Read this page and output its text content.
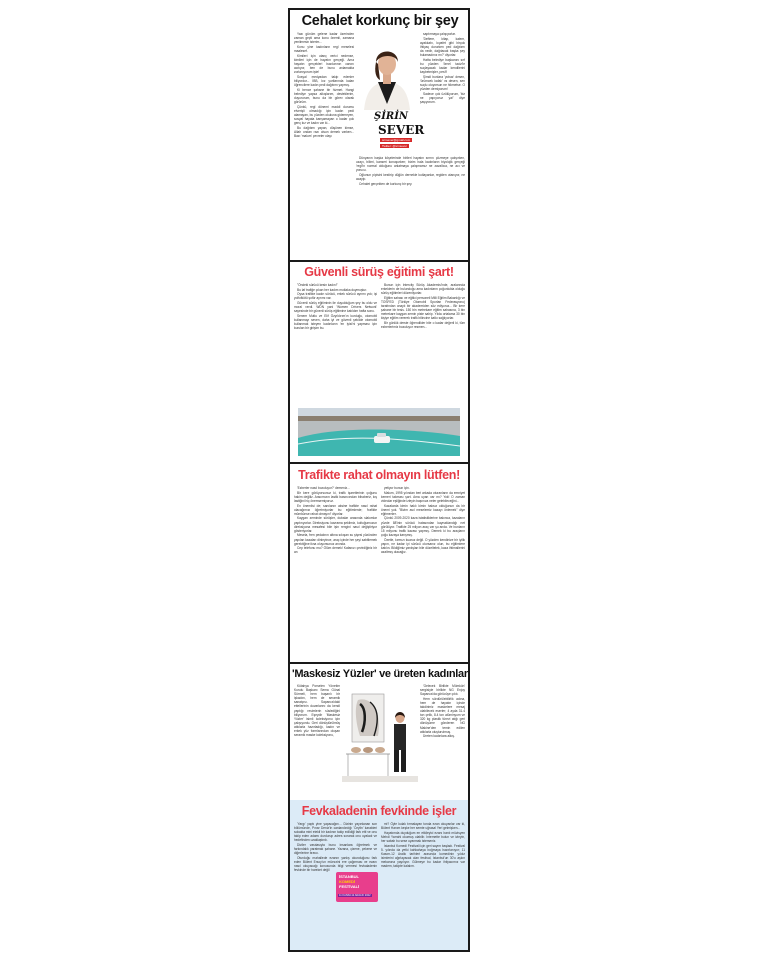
Cehalet korkunç bir şey

Yazı günüm gelene kadar üzerinden zaman geçti ama konu önemli, zamana yenilmesin isterim...

Konu yine kadınların regl meselesi maalesef.

Kimileri için utanç verici nedense, kimileri için de hayatın gerçeği. Ama hayatın gerçekleri bazılarının canını acıtıyor, ben de bunu anlamakta zorlanıyorum işte!

Sosyal medyadan takip edenler biliyordur... İBB, kız yurtlarında kalan öğrencilere kadın pedi dağıtımı yapmış.

Ki bence şahane bir hizmet. Hangi belediye yapsa alkışlarım, desteklerim, duyururum, bunu da bir görev olarak görürüm.

Çünkü, regl dönemi maddi durumu elverişli olmadığı için kadın pedi alamayan, bu yüzden okuluna gidemeyen, sosyal hayata karışamayan o kadar çok genç kız ve kadın var ki...

Bu dağıtımı yapan, düşünen kimse, Allah ondan razı olsun demek varken... Bazı 'malum' çevreler olayı

ŞİRİN
SEVER
srnsever@gmail.com
Twitter: @srnsever

saptırmaya çalışıyorlar.

'Deftere, kitap, kalem, ayakkabı, kıyafet gibi birçok ihtiyaç dururken ped dağıtımı da nedir, dağıtacak başka şey bulamadınız mı?' diyorlar.

Hatta belediye başkanını sırf bu yüzden 'örnel taciz'le suçlayacak kadar kendilerini kaybetmişler, pes!!!

Şimdi bunlara 'yobaz' desen, 'ürümcek kafalı' vs desen, sen suçlu oluyorsun ne hikmetse. O yüzden demiyorum!

Sadece çok üzülüyorum, 'biz ne yapıyoruz ya!' diye şaşıyorum.

Dünyanın başka köşelerinde birileri hayatın sırrını çözmeye çalışırken, uzayı, bilimi, kanseri konuşurken; bizim hala kadınların biyolojik gerçeği 'regl'in normal olduğunu anlatmaya çalışmamız ne zavallıca, ne acı ve yorucu.

Oğlunun pipisini kestirip düğün dernekle kutlayanlar, reglden utanıyor, ne acayip.

Cehalet gerçekten de korkunç bir şey.

Güvenli sürüş eğitimi şart!

"Öndeki sürücü kesin kadın!"

Bu laf trafiğe çıkan her kadım mutlaka duymuştur.

Oysa trafikte kadın sürücü, erkek sürücü ayrımı yok; işi yolfofkötü şoför ayrımı var.

Güvenli sürüş eğitiminin ile duyulduğum şey bu oldu ve moral verdi. WDN yani 'Women Drivers Network' sayesinde bir güvenli sürüş eğitimine katıldım hafta sonu.

Senem Mutlu ve Elif Özyıldırım'ın kurduğu, otomobil kullanmayı seven, daha iyi ve güvenli şekilde otomobil kullanmak isteyen kadınların 'en iyisi'ni yapması için kurulan bir girişim bu.

Bunun için Intercity Sürüş Akademisi'nde, aralarında erkeklerin de bulunduğu ama kadınların çoğunlukta olduğu sürüş eğitimleri düzenliyorlar.

Eğitim sahası ve eğitici personeli Milli Eğitim Bakanlığı ve TOSFED (Türkiye Otomobil Sporları Federasyonu) tarafından onaylı bir akademiden söz ediyoruz... Bir kere şahane bir tesis. 150 bin metrekare eğitim sahasına, 3 bin metrekare kaygan zemin piste sahip. Yılda ortalama 30 bin kişiye eğitim vererek trafik bilincine katkı sağlıyorlar.

Bir günlük derste öğrendikler bile o kadar değerli ki, tüm ezberlerimiz bozuluyor resmen...

Trafikte rahat olmayın lütfen!

'Ezberler nasıl bozuluyor?' demeniz...

Bir kere görüyorsunuz ki, trafik işaretlerinin çoğunu hakim değiliz. Aracımızın lastik basıncından bihaberiz, kış lastiğini hiç önemsemiyoruz.

En önemlisi de; sanılanın aksine trafikte nasıl rahat olacağımızı öğretmiyorlar bu eğitimlerde; 'trafikte mümkünse rahat olmayın!' diyorlar.

Kaygan zeminde sürüşler, dubalar arasında slalomlar yaptırıyorlar. Direksiyonu kavrama şeklimiz, koltuğumuzun direksiyona mesafesi bile işin rengini nasıl değiştiriyor gösteriyorlar.

Mesela, fren pedalının altına sıkışan su şişesi yüzünden yapılan kazaları dinleyince, araç içinde her şeyi sabitlemek gerektiğine ikna oluyorsunuz anında.

Cep telefonu mu? Ölüm demek! Kafanızı çevirdiğiniz bir an

yetiyor bunun için.

Malum, 1995 yılından beri arkada oturanların da emniyet kemeri takması şart. Ama uyan var mı? Yok! O zaman videolar eşliğinde izleyin başınıza neler gelebileceğini...

Kazalarda kimin haklı kimin haksız olduğunun da bir önemi yok. "Bizim asıl meselemiz kazayı önlemek" diye eğitmenler.

Çünkü 2009-2020 kaza istatistiklerine bakınca, kazaların yüzde 88'inin sürücü hatasından kaynaklandığı net görülüyor. Trafikte 25 milyon araç var şu anda. Ve bunların 15 milyonu trafik kazası yapmış. Demek ki bu araçların çoğu kazaya karışmış.

Özetle, kırmızı kuaruz değil. O yüzden kendinize bir iyilik yapın, ne kadar iyi sürücü olursanız olun, bu eğitimlere katılın. Bildiğimiz yanlışları bile düzeltelek, kaza ihtimallerini azaltmış olacağız.

'Maskesiz Yüzler' ve üreten kadınlar

Kütahya Porselen Yönetim Kurulu Başkanı Sema Günal Sürmeli, hem başarılı bir işkadını, hem de seramik sanatçısı. Sapanca'daki ettellerinin duvarlarını da kendi yaptığı resimlerin süslediğini biliyorum. Eşeydir 'Maskesiz Yüzler' isimli koleksiyonu için çalışıyordu. Geri dönüştürülmüş atıklarla hazırladığı, kadın ve erkek yüz formlarından oluşan seramik maske koleksiyonu,

'Gelecek Birlikte Mümkün' sergisiyle birlikte NG Enjoy Sapanca'da görücüye çıktı.

Hem sürdürülebilirlik adına, hem de hayatın içinde takdirimiz maskelere mesaj olabilecek eserler; 4 ayda 31.4 ton çelik, 8.4 ton alüminyum ve 320 kg plastik türevi atığı geri dönüşüme gönderen NG Makine'den temin edilen atıklarla oluşturulmuş.

Üreten kadınlara alkış.

Fevkaladenin fevkinde işler

'Yargı' yaptı yine yapacağını... Dizinin yayınlanan son bölümünde, Pınar Deniz'in canlandırdığı 'Ceylin' karakteri sokakta mini etekli bir kadının takip edildiği fark etti ve onu takip eden adamı durdurup adres sorarak onu oyaladı ve hedefinden uzaklaştırdı.

Diziler vasıtasıyla bunu insanlara öğretmek ve farkındalık yaratmak şahane. Yazana, çizene, çekene ve diğerlerine bravo.

Oturduğu mahallede ezanın yanlış okunduğunu fark eden Bülent Ersoy'un müezzini ere çağırması ve ezanı nasıl okuyacağı konusunda bilgi vermesi fevkaladenin fevkinde bir hareket değil

mi? Öyle kulak tırmalayan tonda ezan okuyanlar var ki, Bülent Hanım keşke her semte uğrasa! Yeri gelmişken...

Hayatımda duyduğum en etkileyici ezanı banlı müzisyen Mehdi Yarrahi okumuş olabilir. İnternette bulun ve izleyin, her sabah bu sese uyanmak isterseniz.

İstanbul Komedi Festivali için geri sayım başladı. Festival 5. yılında da yetki kahkahaya boğmaya hazırlanıyor; 11 Kasım-12 Aralık tarihleri arasında komedinin yıldız isimlerini ağırlayacak olan festival, İstanbul'un 30'u aşkın mekanına yayılıyor. Gülmeye bu kadar ihtiyacımız var madem, takipte kalalım.

İSTANBUL
KOMEDİ
FESTİVALİ
11 KASIM-12 ARALIK 2022
